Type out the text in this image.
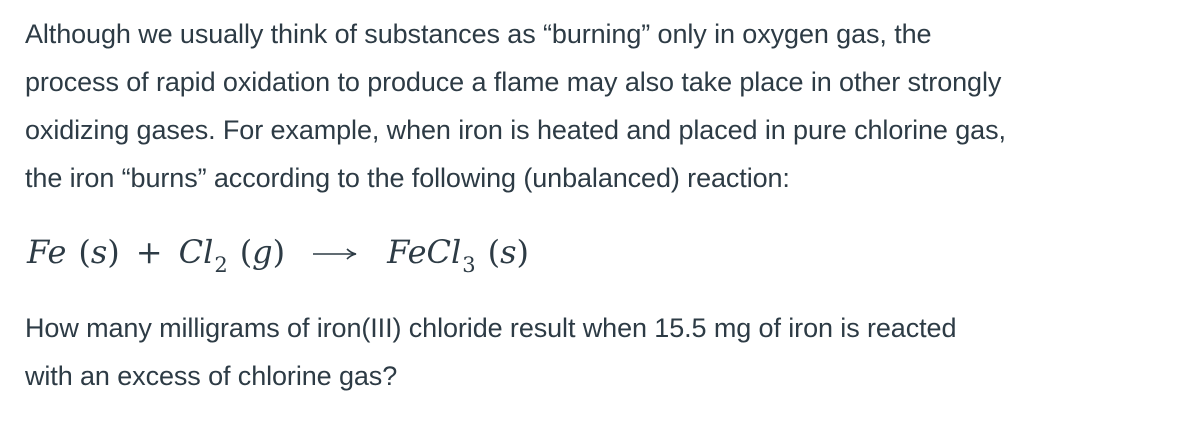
Although we usually think of substances as “burning” only in oxygen gas, the
process of rapid oxidation to produce a flame may also take place in other strongly
oxidizing gases. For example, when iron is heated and placed in pure chlorine gas,
the iron “burns” according to the following (unbalanced) reaction:

Fe $(s) + Cl_2$ (g) → FeCl$_3$ (s)

How many milligrams of iron(III) chloride result when 15.5 mg of iron is reacted
with an excess of chlorine gas?
